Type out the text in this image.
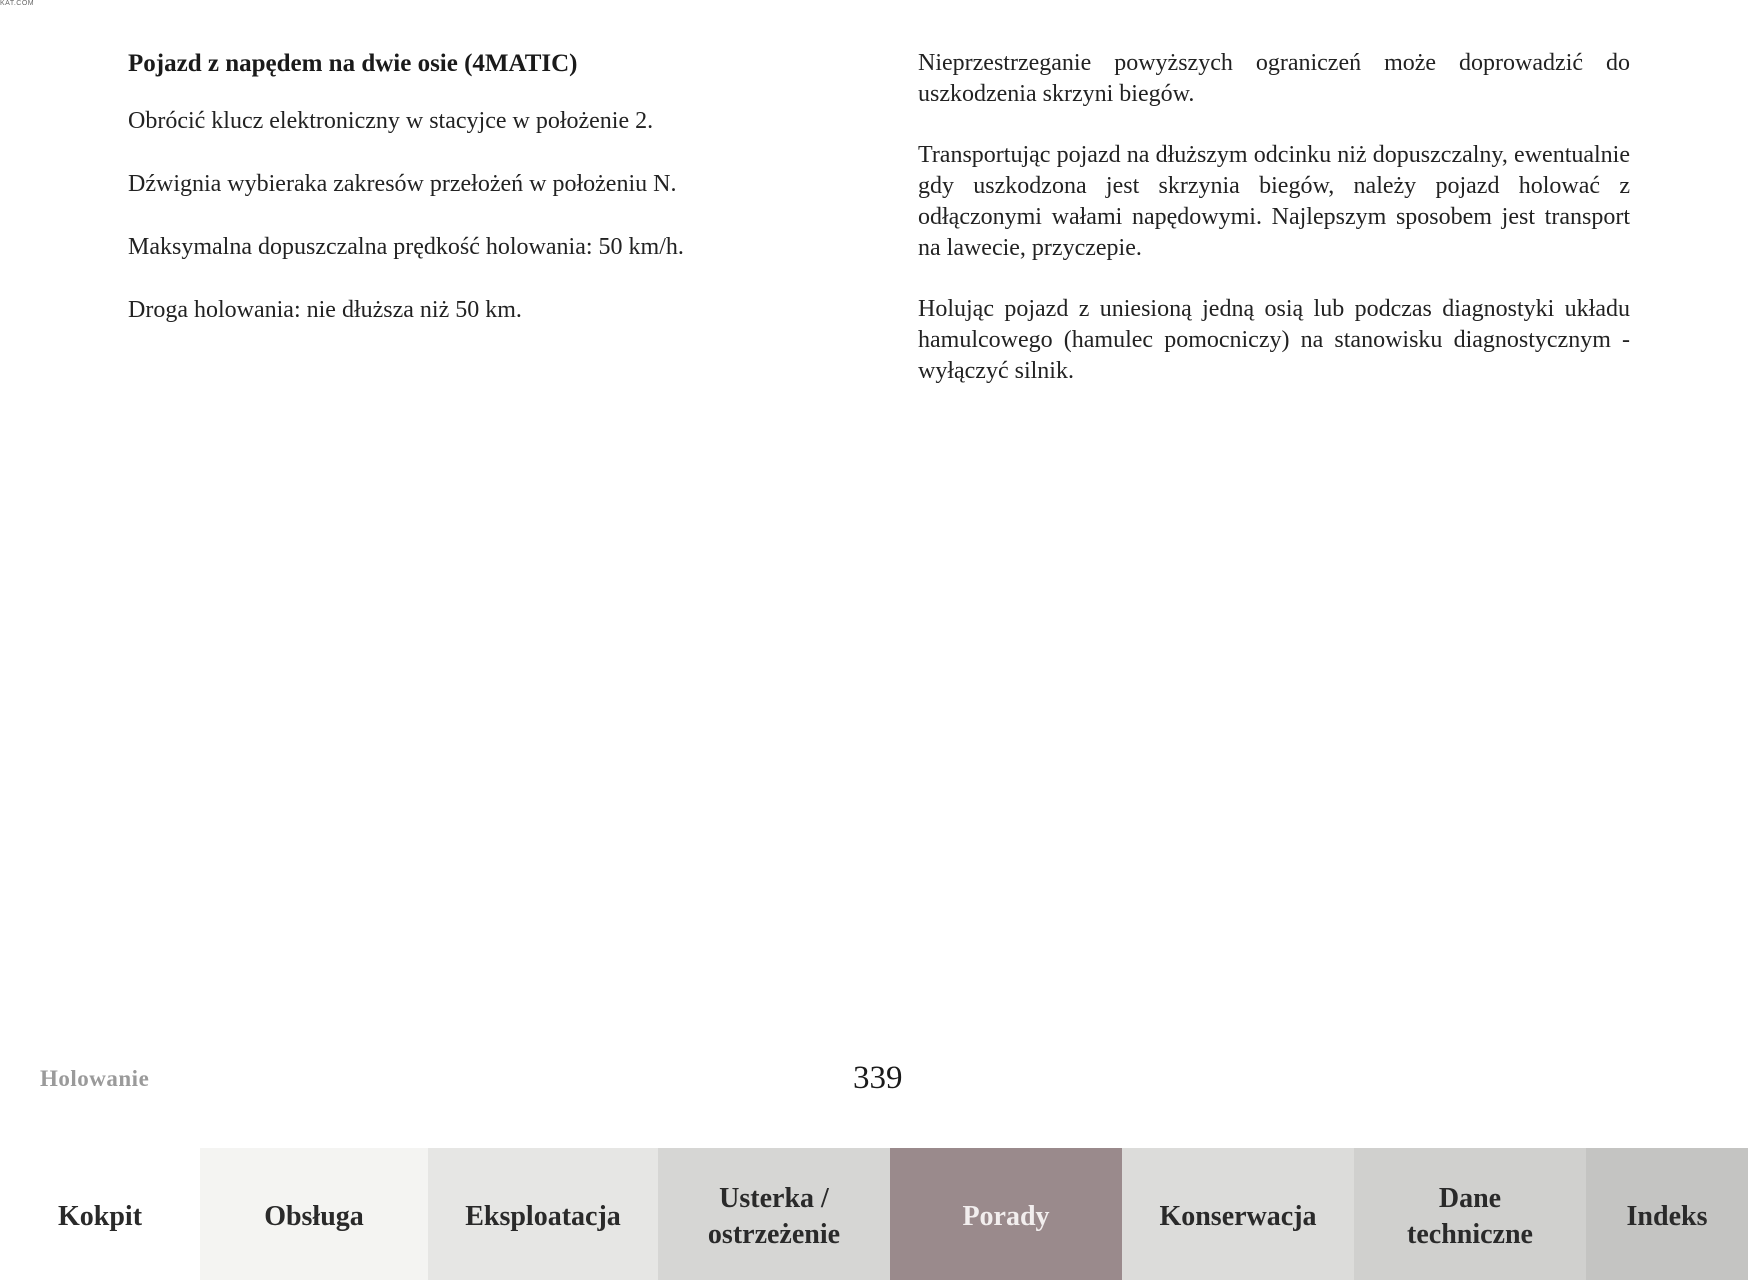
KAT.COM
Pojazd z napędem na dwie osie (4MATIC)

Obrócić klucz elektroniczny w stacyjce w położenie 2.

Dźwignia wybieraka zakresów przełożeń w położeniu N.

Maksymalna dopuszczalna prędkość holowania: 50 km/h.

Droga holowania: nie dłuższa niż 50 km.

Nieprzestrzeganie powyższych ograniczeń może doprowadzić do uszkodzenia skrzyni biegów.

Transportując pojazd na dłuższym odcinku niż dopuszczalny, ewentualnie gdy uszkodzona jest skrzynia biegów, należy pojazd holować z odłączonymi wałami napędowymi. Najlepszym sposobem jest transport na lawecie, przyczepie.

Holując pojazd z uniesioną jedną osią lub podczas diagnostyki układu hamulcowego (hamulec pomocniczy) na stanowisku diagnostycznym - wyłączyć silnik.

Holowanie	339
Kokpit	Obsługa	Eksploatacja
Usterka / ostrzeżenie
Porady	Konserwacja
Dane techniczne
Indeks
